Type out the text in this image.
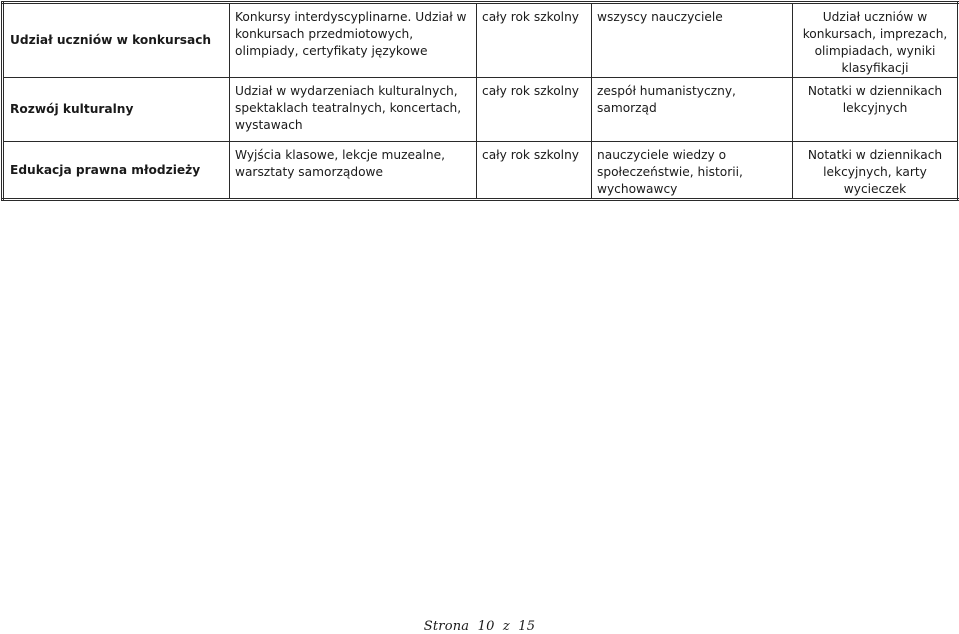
Udział uczniów w konkursach	Konkursy interdyscyplinarne. Udział w konkursach przedmiotowych, olimpiady, certyfikaty językowe	cały rok szkolny	wszyscy nauczyciele	Udział uczniów w konkursach, imprezach, olimpiadach, wyniki klasyfikacji
Rozwój kulturalny	Udział w wydarzeniach kulturalnych, spektaklach teatralnych, koncertach, wystawach	cały rok szkolny	zespół humanistyczny, samorząd	Notatki w dziennikach lekcyjnych
Edukacja prawna młodzieży	Wyjścia klasowe, lekcje muzealne, warsztaty samorządowe	cały rok szkolny	nauczyciele wiedzy o społeczeństwie, historii, wychowawcy	Notatki w dziennikach lekcyjnych, karty wycieczek
Strona 10 z 15
